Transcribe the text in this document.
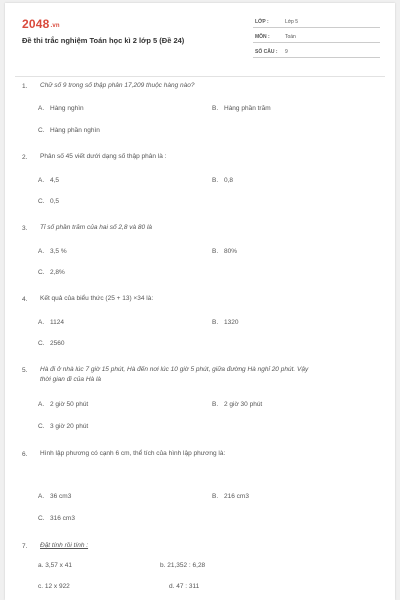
2048.vn
Đề thi trắc nghiệm Toán học kì 2 lớp 5 (Đề 24)
LỚP :	Lớp 5
MÔN :	Toán
SỐ CÂU : 9
1. Chữ số 9 trong số thập phân 17,209 thuộc hàng nào?
A. Hàng nghìn	B. Hàng phần trăm
C. Hàng phần nghìn
2. Phân số 45 viết dưới dạng số thập phân là :
A. 4,5	B. 0,8
C. 0,5
3. Tỉ số phần trăm của hai số 2,8 và 80 là
A. 3,5 %	B. 80%
C. 2,8%
4. Kết quả của biểu thức (25 + 13) ×34 là:
A. 1124	B. 1320
C. 2560
5. Hà đi ở nhà lúc 7 giờ 15 phút, Hà đến nơi lúc 10 giờ 5 phút, giữa đường Hà nghỉ 20 phút. Vậy
thời gian đi của Hà là
A. 2 giờ 50 phút	B. 2 giờ 30 phút
C. 3 giờ 20 phút
6. Hình lập phương có cạnh 6 cm, thể tích của hình lập phương là:
A. 36 cm3	B. 216 cm3
C. 316 cm3
7. Đặt tính rồi tính :
a. 3,57 x 41	b. 21,352 : 6,28
c. 12 x 922	d. 47 : 311
